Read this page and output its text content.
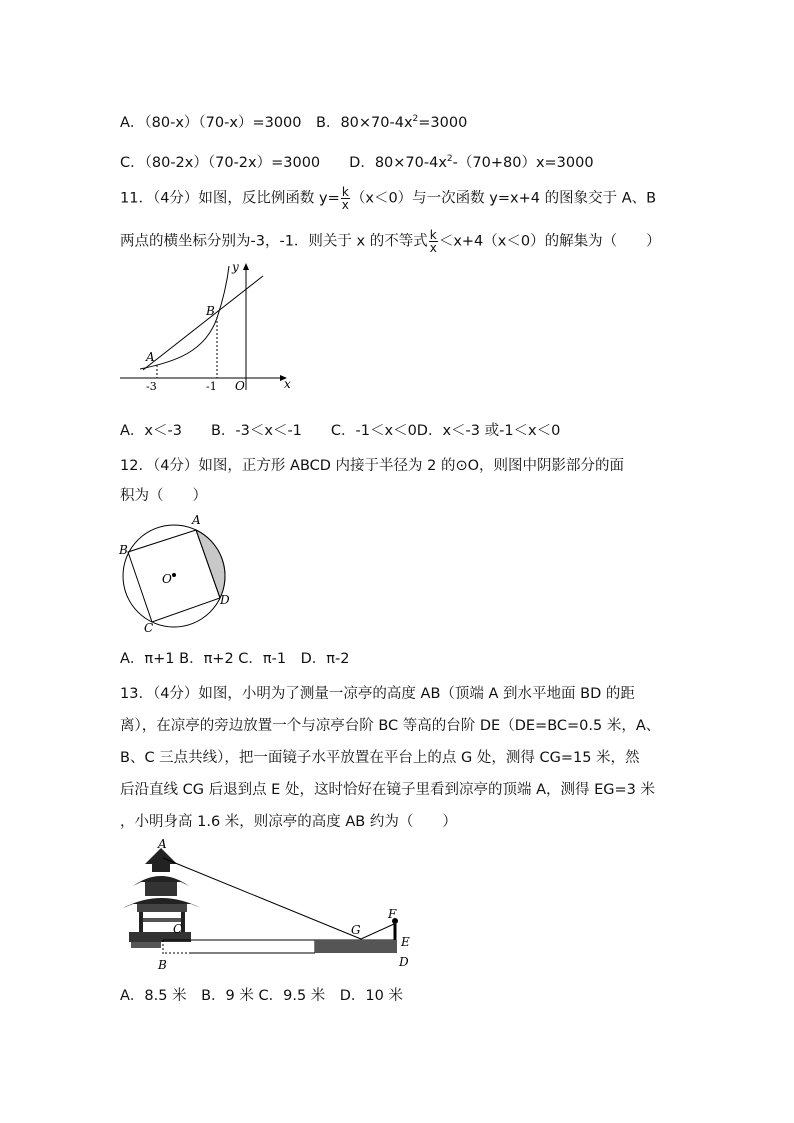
A．（80-x）（70-x）=3000　B．$80\times 70-4x^2=3000$
C．（80-2x）（70-2x）=3000　　D．$80\times 70-4x^2-(70+80)x=3000$
11．（4分）如图，反比例函数 $y= \frac{k}{x} (x<0)$与一次函数 y=x+4 的图象交于 A、B
两点的横坐标分别为-3，-1．则关于 x 的不等式 $\frac{k}{x} <x+4(x<0)$的解集为（　　）
y
x
O
A
B
-3	-1
A．x＜-3　　B．-3＜x＜-1　　C．-1＜x＜0D．x＜-3 或-1＜x＜0
12．（4分）如图，正方形 ABCD 内接于半径为 2 的⊙O，则图中阴影部分的面
积为（　　）
A
B
C
D
O
A．π+1 B．π+2 C．π-1　D．π-2
13．（4分）如图，小明为了测量一凉亭的高度 AB（顶端 A 到水平地面 BD 的距
离），在凉亭的旁边放置一个与凉亭台阶 BC 等高的台阶 DE（DE=BC=0.5 米，A、
B、C 三点共线），把一面镜子水平放置在平台上的点 G 处，测得 CG=15 米，然
后沿直线 CG 后退到点 E 处，这时恰好在镜子里看到凉亭的顶端 A，测得 EG=3 米
，小明身高 1.6 米，则凉亭的高度 AB 约为（　　）
A
B
C
D
E
F
G
A．8.5 米　B．9 米 C．9.5 米　D．10 米
